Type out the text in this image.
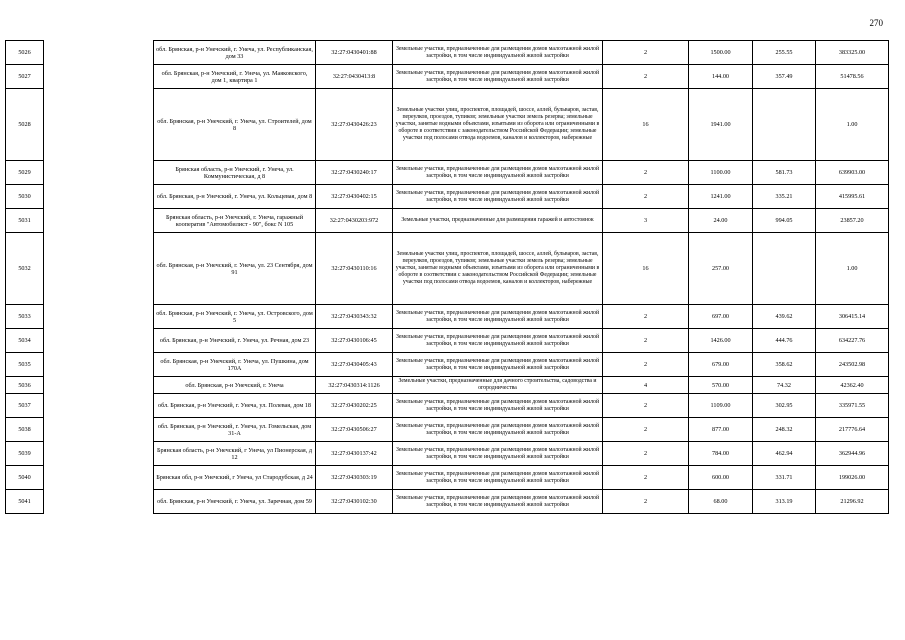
270
5026		обл. Брянская, р-н Унечский, г. Унеча, ул. Республиканская, дом 33	32:27:0430401:88	Земельные участки, предназначенные для размещения домов малоэтажной жилой застройки, в том числе индивидуальной жилой застройки	2	1500.00	255.55	383325.00
5027		обл. Брянская, р-н Унечский, г. Унеча, ул. Маяковского, дом 1, квартира 1	32:27:0430413:8	Земельные участки, предназначенные для размещения домов малоэтажной жилой застройки, в том числе индивидуальной жилой застройки	2	144.00	357.49	51478.56
5028		обл. Брянская, р-н Унечский, г. Унеча, ул. Строителей, дом 8	32:27:0430426:23	Земельные участки улиц, проспектов, площадей, шоссе, аллей, бульваров, застав, переулков, проездов, тупиков; земельные участки земель резерва; земельные участки, занятые водными объектами, изъятыми из оборота или ограниченными в обороте в соответствии с законодательством Российской Федерации; земельные участки под полосами отвода водоемов, каналов и коллекторов, набережные	16	1941.00		1.00
5029		Брянская область, р-н Унечский, г. Унеча, ул. Коммунистическая, д 8	32:27:0430240:17	Земельные участки, предназначенные для размещения домов малоэтажной жилой застройки, в том числе индивидуальной жилой застройки	2	1100.00	581.73	639903.00
5030		обл. Брянская, р-н Унечский, г. Унеча, ул. Кольцевая, дом 8	32:27:0430402:15	Земельные участки, предназначенные для размещения домов малоэтажной жилой застройки, в том числе индивидуальной жилой застройки	2	1241.00	335.21	415995.61
5031		Брянская область, р-н Унечский, г. Унеча, гаражный кооператив "Автомобилист - 90", бокс N 105	32:27:0430203:972	Земельные участки, предназначенные для размещения гаражей и автостоянок	3	24.00	994.05	23857.20
5032		обл. Брянская, р-н Унечский, г. Унеча, ул. 23 Сентября, дом 91	32:27:0430110:16	Земельные участки улиц, проспектов, площадей, шоссе, аллей, бульваров, застав, переулков, проездов, тупиков; земельные участки земель резерва; земельные участки, занятые водными объектами, изъятыми из оборота или ограниченными в обороте в соответствии с законодательством Российской Федерации; земельные участки под полосами отвода водоемов, каналов и коллекторов, набережные	16	257.00		1.00
5033		обл. Брянская, р-н Унечский, г. Унеча, ул. Островского, дом 5	32:27:0430343:32	Земельные участки, предназначенные для размещения домов малоэтажной жилой застройки, в том числе индивидуальной жилой застройки	2	697.00	439.62	306415.14
5034		обл. Брянская, р-н Унечский, г. Унеча, ул. Речная, дом 23	32:27:0430106:45	Земельные участки, предназначенные для размещения домов малоэтажной жилой застройки, в том числе индивидуальной жилой застройки	2	1426.00	444.76	634227.76
5035		обл. Брянская, р-н Унечский, г. Унеча, ул. Пушкина, дом 170А	32:27:0430405:43	Земельные участки, предназначенные для размещения домов малоэтажной жилой застройки, в том числе индивидуальной жилой застройки	2	679.00	358.62	243502.98
5036		обл. Брянская, р-н Унечский, г. Унеча	32:27:0430314:1126	Земельные участки, предназначенные для дачного строительства, садоводства и огородничества	4	570.00	74.32	42362.40
5037		обл. Брянская, р-н Унечский, г. Унеча, ул. Полевая, дом 18	32:27:0430202:25	Земельные участки, предназначенные для размещения домов малоэтажной жилой застройки, в том числе индивидуальной жилой застройки	2	1109.00	302.95	335971.55
5038		обл. Брянская, р-н Унечский, г. Унеча, ул. Гомельская, дом 31-А	32:27:0430506:27	Земельные участки, предназначенные для размещения домов малоэтажной жилой застройки, в том числе индивидуальной жилой застройки	2	877.00	248.32	217776.64
5039		Брянская область, р-н Унечский, г Унеча, ул Пионерская, д 12	32:27:0430137:42	Земельные участки, предназначенные для размещения домов малоэтажной жилой застройки, в том числе индивидуальной жилой застройки	2	784.00	462.94	362944.96
5040		Брянская обл, р-н Унечский, г Унеча, ул Стародубская, д 24	32:27:0430303:19	Земельные участки, предназначенные для размещения домов малоэтажной жилой застройки, в том числе индивидуальной жилой застройки	2	600.00	331.71	199026.00
5041		обл. Брянская, р-н Унечский, г. Унеча, ул. Заречная, дом 59	32:27:0430102:30	Земельные участки, предназначенные для размещения домов малоэтажной жилой застройки, в том числе индивидуальной жилой застройки	2	68.00	313.19	21296.92
